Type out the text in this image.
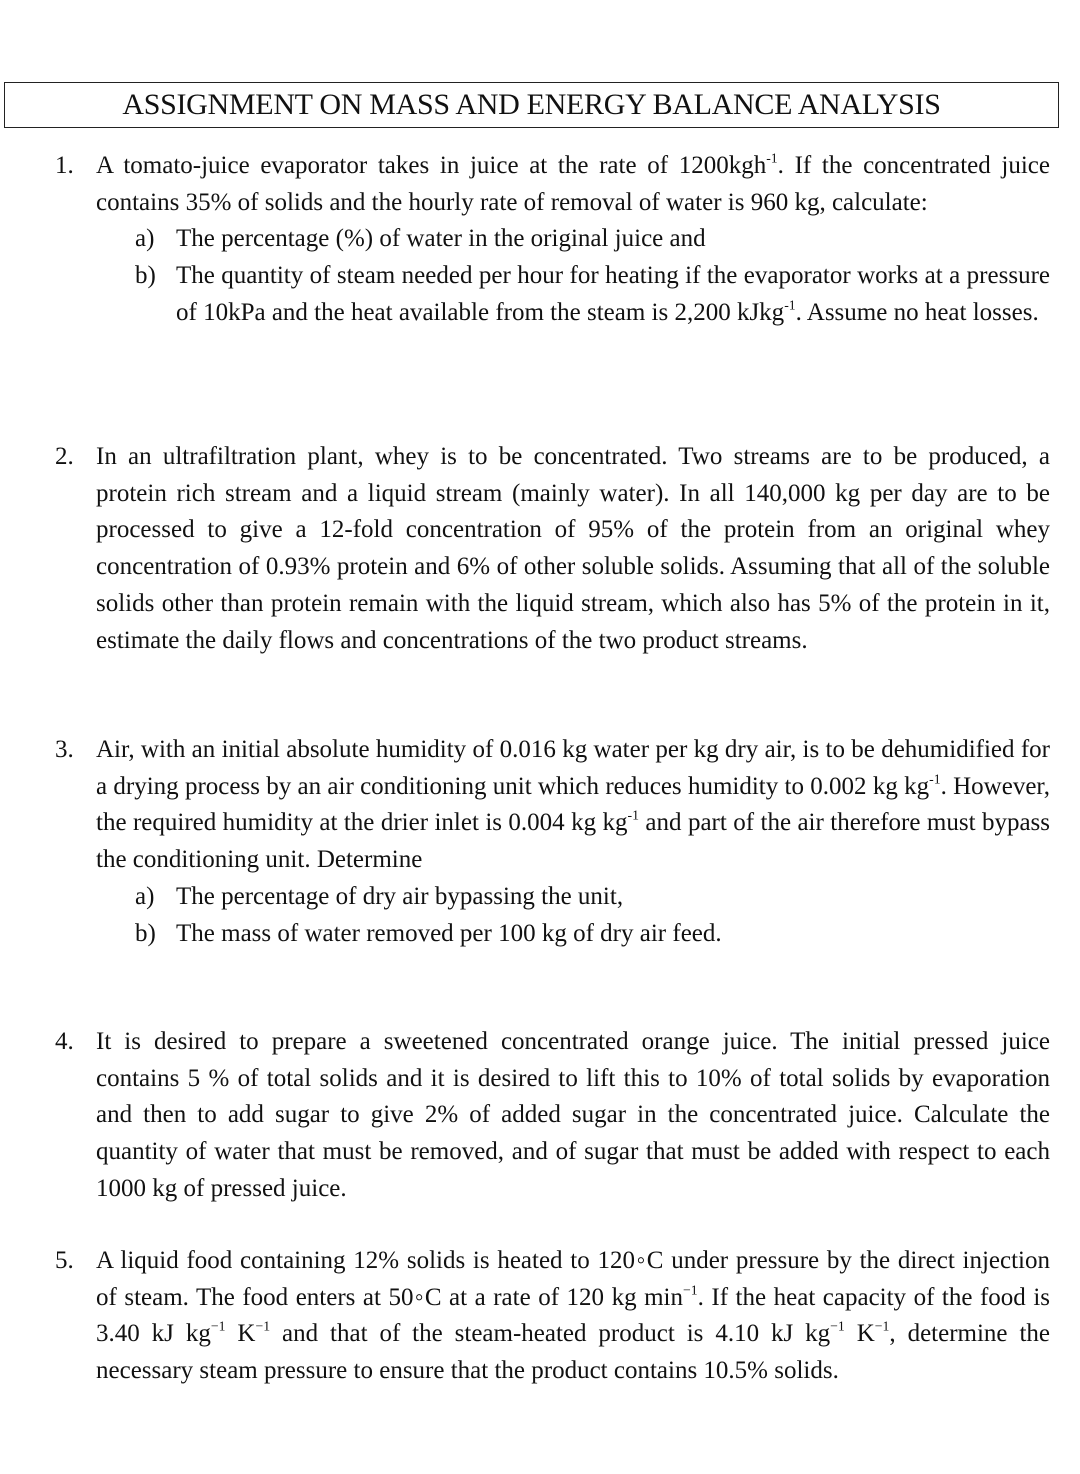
ASSIGNMENT ON MASS AND ENERGY BALANCE ANALYSIS
1. A tomato-juice evaporator takes in juice at the rate of 1200kgh$^{-1}$. If the concentrated juice contains 35% of solids and the hourly rate of removal of water is 960 kg, calculate:
a) The percentage (%) of water in the original juice and
b) The quantity of steam needed per hour for heating if the evaporator works at a pressure of 10kPa and the heat available from the steam is 2,200 kJkg$^{-1}$. Assume no heat losses.
2. In an ultrafiltration plant, whey is to be concentrated. Two streams are to be produced, a protein rich stream and a liquid stream (mainly water). In all 140,000 kg per day are to be processed to give a 12-fold concentration of 95% of the protein from an original whey concentration of 0.93% protein and 6% of other soluble solids. Assuming that all of the soluble solids other than protein remain with the liquid stream, which also has 5% of the protein in it, estimate the daily flows and concentrations of the two product streams.
3. Air, with an initial absolute humidity of 0.016 kg water per kg dry air, is to be dehumidified for a drying process by an air conditioning unit which reduces humidity to 0.002 kg $kg^{-1}$. However, the required humidity at the drier inlet is 0.004 kg $kg^{-1}$ and part of the air therefore must bypass the conditioning unit. Determine
a) The percentage of dry air bypassing the unit,
b) The mass of water removed per 100 kg of dry air feed.
4. It is desired to prepare a sweetened concentrated orange juice. The initial pressed juice contains 5 % of total solids and it is desired to lift this to 10% of total solids by evaporation and then to add sugar to give 2% of added sugar in the concentrated juice. Calculate the quantity of water that must be removed, and of sugar that must be added with respect to each 1000 kg of pressed juice.
5. A liquid food containing 12% solids is heated to 120◦C under pressure by the direct injection of steam. The food enters at 50◦C at a rate of 120 kg $\min^{-1}$. If the heat capacity of the food is 3.40 kJ $kg^{-1}$ $K^{-1}$ and that of the steam-heated product is 4.10 kJ $kg^{-1}$ $K^{-1}$, determine the necessary steam pressure to ensure that the product contains 10.5% solids.
